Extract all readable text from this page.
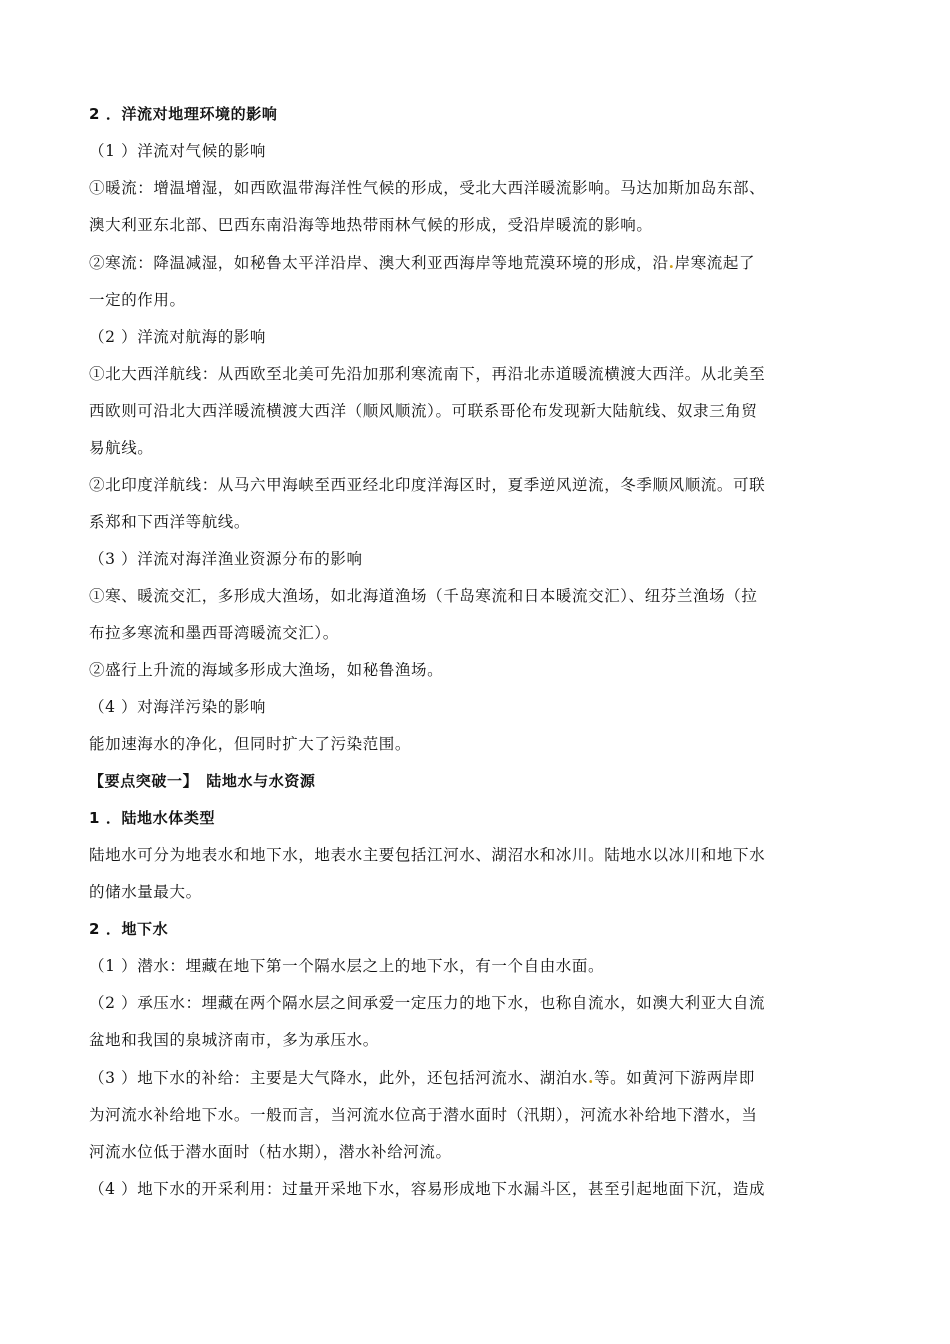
2 ．洋流对地理环境的影响
（1 ）洋流对气候的影响
①暖流：增温增湿，如西欧温带海洋性气候的形成，受北大西洋暖流影响。马达加斯加岛东部、
澳大利亚东北部、巴西东南沿海等地热带雨林气候的形成，受沿岸暖流的影响。
②寒流：降温减湿，如秘鲁太平洋沿岸、澳大利亚西海岸等地荒漠环境的形成，沿.岸寒流起了
一定的作用。
（2 ）洋流对航海的影响
①北大西洋航线：从西欧至北美可先沿加那利寒流南下，再沿北赤道暖流横渡大西洋。从北美至
西欧则可沿北大西洋暖流横渡大西洋（顺风顺流）。可联系哥伦布发现新大陆航线、奴隶三角贸
易航线。
②北印度洋航线：从马六甲海峡至西亚经北印度洋海区时，夏季逆风逆流，冬季顺风顺流。可联
系郑和下西洋等航线。
（3 ）洋流对海洋渔业资源分布的影响
①寒、暖流交汇，多形成大渔场，如北海道渔场（千岛寒流和日本暖流交汇）、纽芬兰渔场（拉
布拉多寒流和墨西哥湾暖流交汇）。
②盛行上升流的海域多形成大渔场，如秘鲁渔场。
（4 ）对海洋污染的影响
能加速海水的净化，但同时扩大了污染范围。
【要点突破一】　陆地水与水资源
1 ．陆地水体类型
陆地水可分为地表水和地下水，地表水主要包括江河水、湖沼水和冰川。陆地水以冰川和地下水
的储水量最大。
2 ．地下水
（1 ）潜水：埋藏在地下第一个隔水层之上的地下水，有一个自由水面。
（2 ）承压水：埋藏在两个隔水层之间承爱一定压力的地下水，也称自流水，如澳大利亚大自流
盆地和我国的泉城济南市，多为承压水。
（3 ）地下水的补给：主要是大气降水，此外，还包括河流水、湖泊水.等。如黄河下游两岸即
为河流水补给地下水。一般而言，当河流水位高于潜水面时（汛期），河流水补给地下潜水，当
河流水位低于潜水面时（枯水期），潜水补给河流。
（4 ）地下水的开采利用：过量开采地下水，容易形成地下水漏斗区，甚至引起地面下沉，造成
